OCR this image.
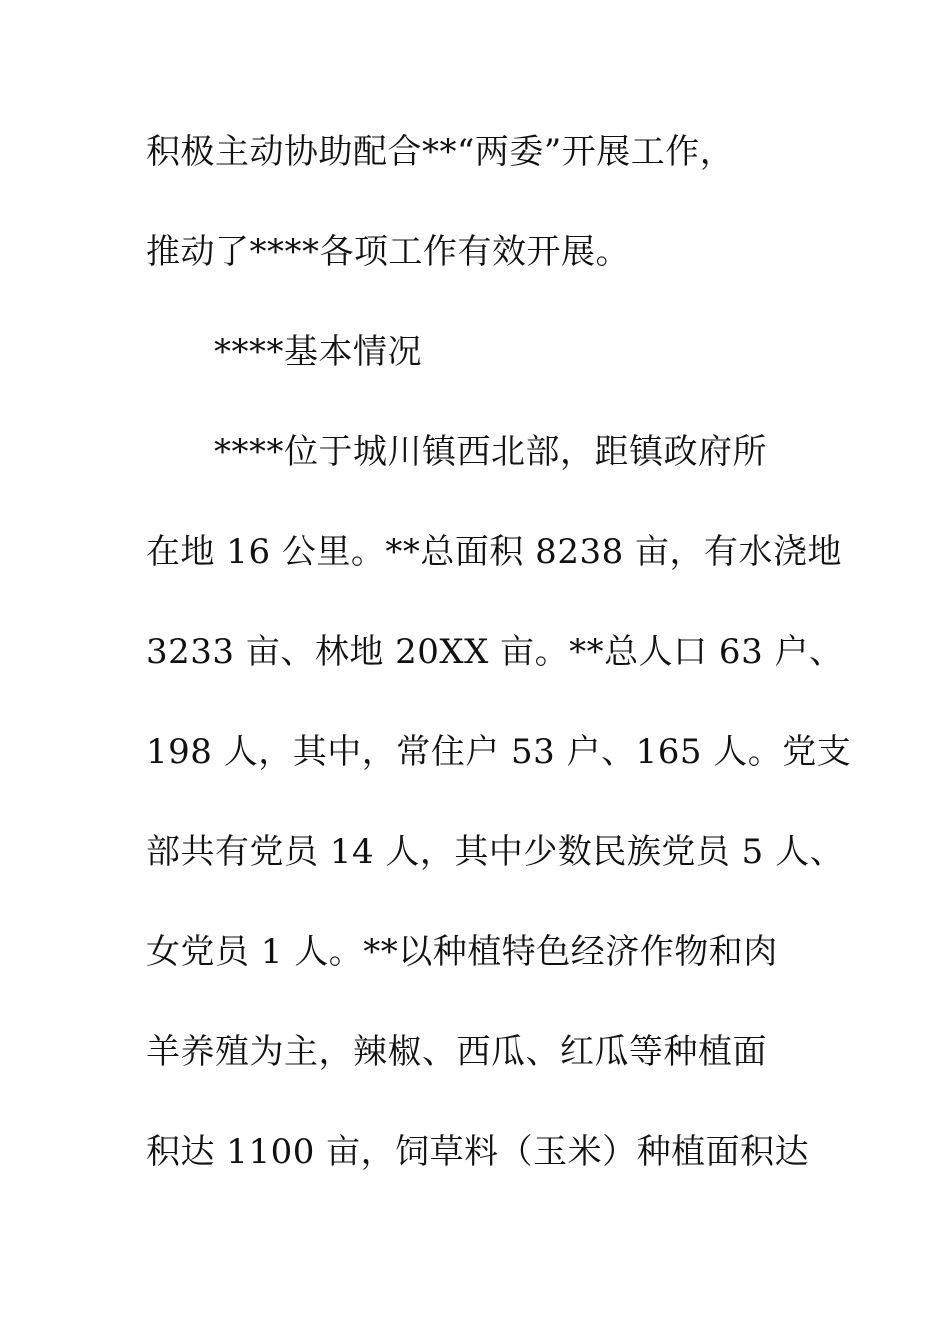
积极主动协助配合**“两委”开展工作，
推动了****各项工作有效开展。
****基本情况
****位于城川镇西北部，距镇政府所
在地 16 公里。**总面积 8238 亩，有水浇地
3233 亩、林地 20XX 亩。**总人口 63 户、
198 人，其中，常住户 53 户、165 人。党支
部共有党员 14 人，其中少数民族党员 5 人、
女党员 1 人。**以种植特色经济作物和肉
羊养殖为主，辣椒、西瓜、红瓜等种植面
积达 1100 亩，饲草料（玉米）种植面积达
